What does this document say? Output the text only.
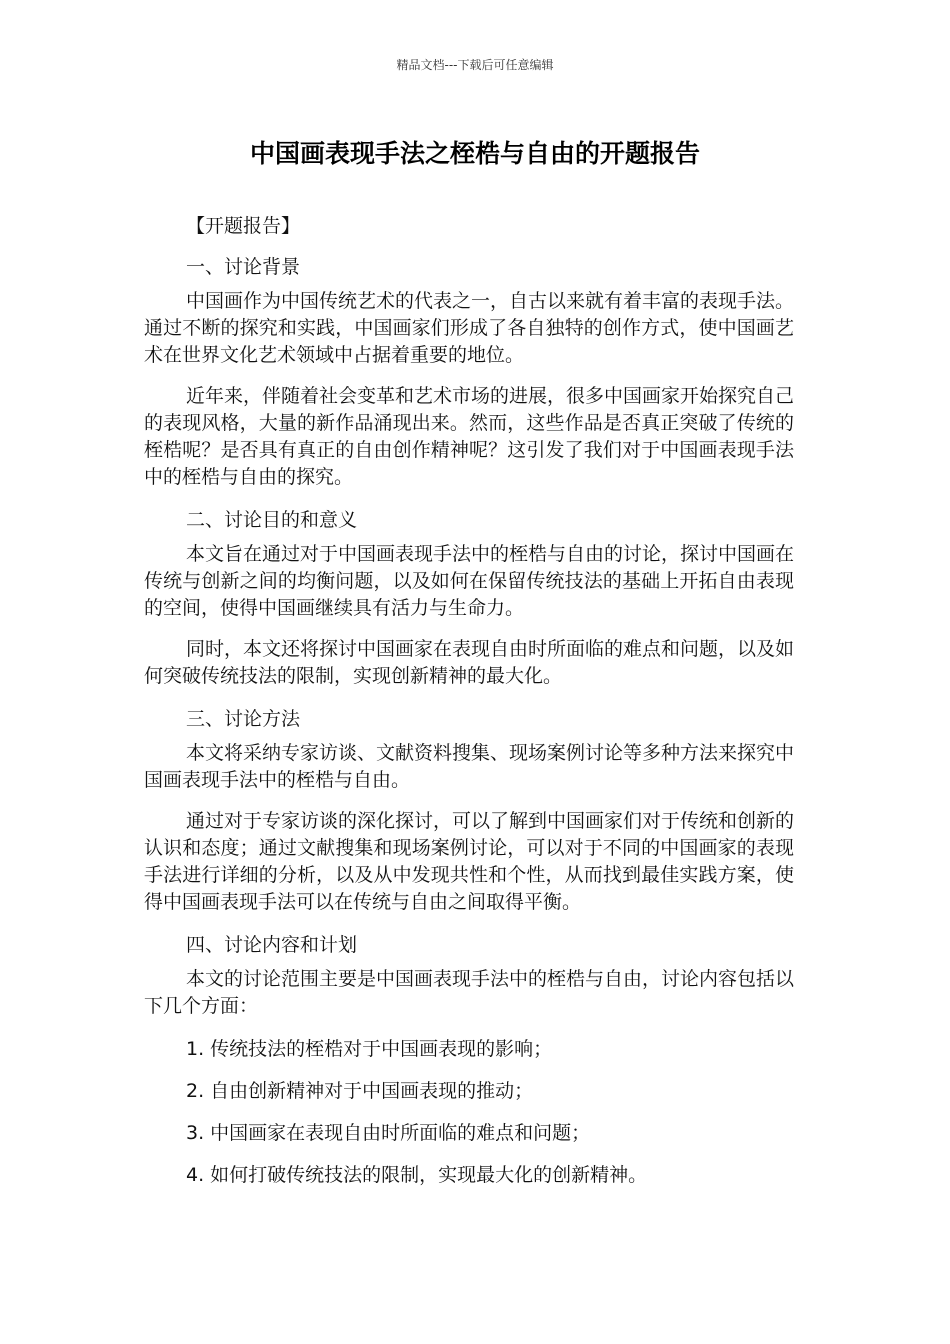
精品文档---下载后可任意编辑
中国画表现手法之桎梏与自由的开题报告

【开题报告】

一、讨论背景

中国画作为中国传统艺术的代表之一，自古以来就有着丰富的表现手法。通过不断的探究和实践，中国画家们形成了各自独特的创作方式，使中国画艺术在世界文化艺术领域中占据着重要的地位。

近年来，伴随着社会变革和艺术市场的进展，很多中国画家开始探究自己的表现风格，大量的新作品涌现出来。然而，这些作品是否真正突破了传统的桎梏呢？是否具有真正的自由创作精神呢？这引发了我们对于中国画表现手法中的桎梏与自由的探究。

二、讨论目的和意义

本文旨在通过对于中国画表现手法中的桎梏与自由的讨论，探讨中国画在传统与创新之间的均衡问题，以及如何在保留传统技法的基础上开拓自由表现的空间，使得中国画继续具有活力与生命力。

同时，本文还将探讨中国画家在表现自由时所面临的难点和问题，以及如何突破传统技法的限制，实现创新精神的最大化。

三、讨论方法

本文将采纳专家访谈、文献资料搜集、现场案例讨论等多种方法来探究中国画表现手法中的桎梏与自由。

通过对于专家访谈的深化探讨，可以了解到中国画家们对于传统和创新的认识和态度；通过文献搜集和现场案例讨论，可以对于不同的中国画家的表现手法进行详细的分析，以及从中发现共性和个性，从而找到最佳实践方案，使得中国画表现手法可以在传统与自由之间取得平衡。

四、讨论内容和计划

本文的讨论范围主要是中国画表现手法中的桎梏与自由，讨论内容包括以下几个方面：

1. 传统技法的桎梏对于中国画表现的影响；

2. 自由创新精神对于中国画表现的推动；

3. 中国画家在表现自由时所面临的难点和问题；

4. 如何打破传统技法的限制，实现最大化的创新精神。
